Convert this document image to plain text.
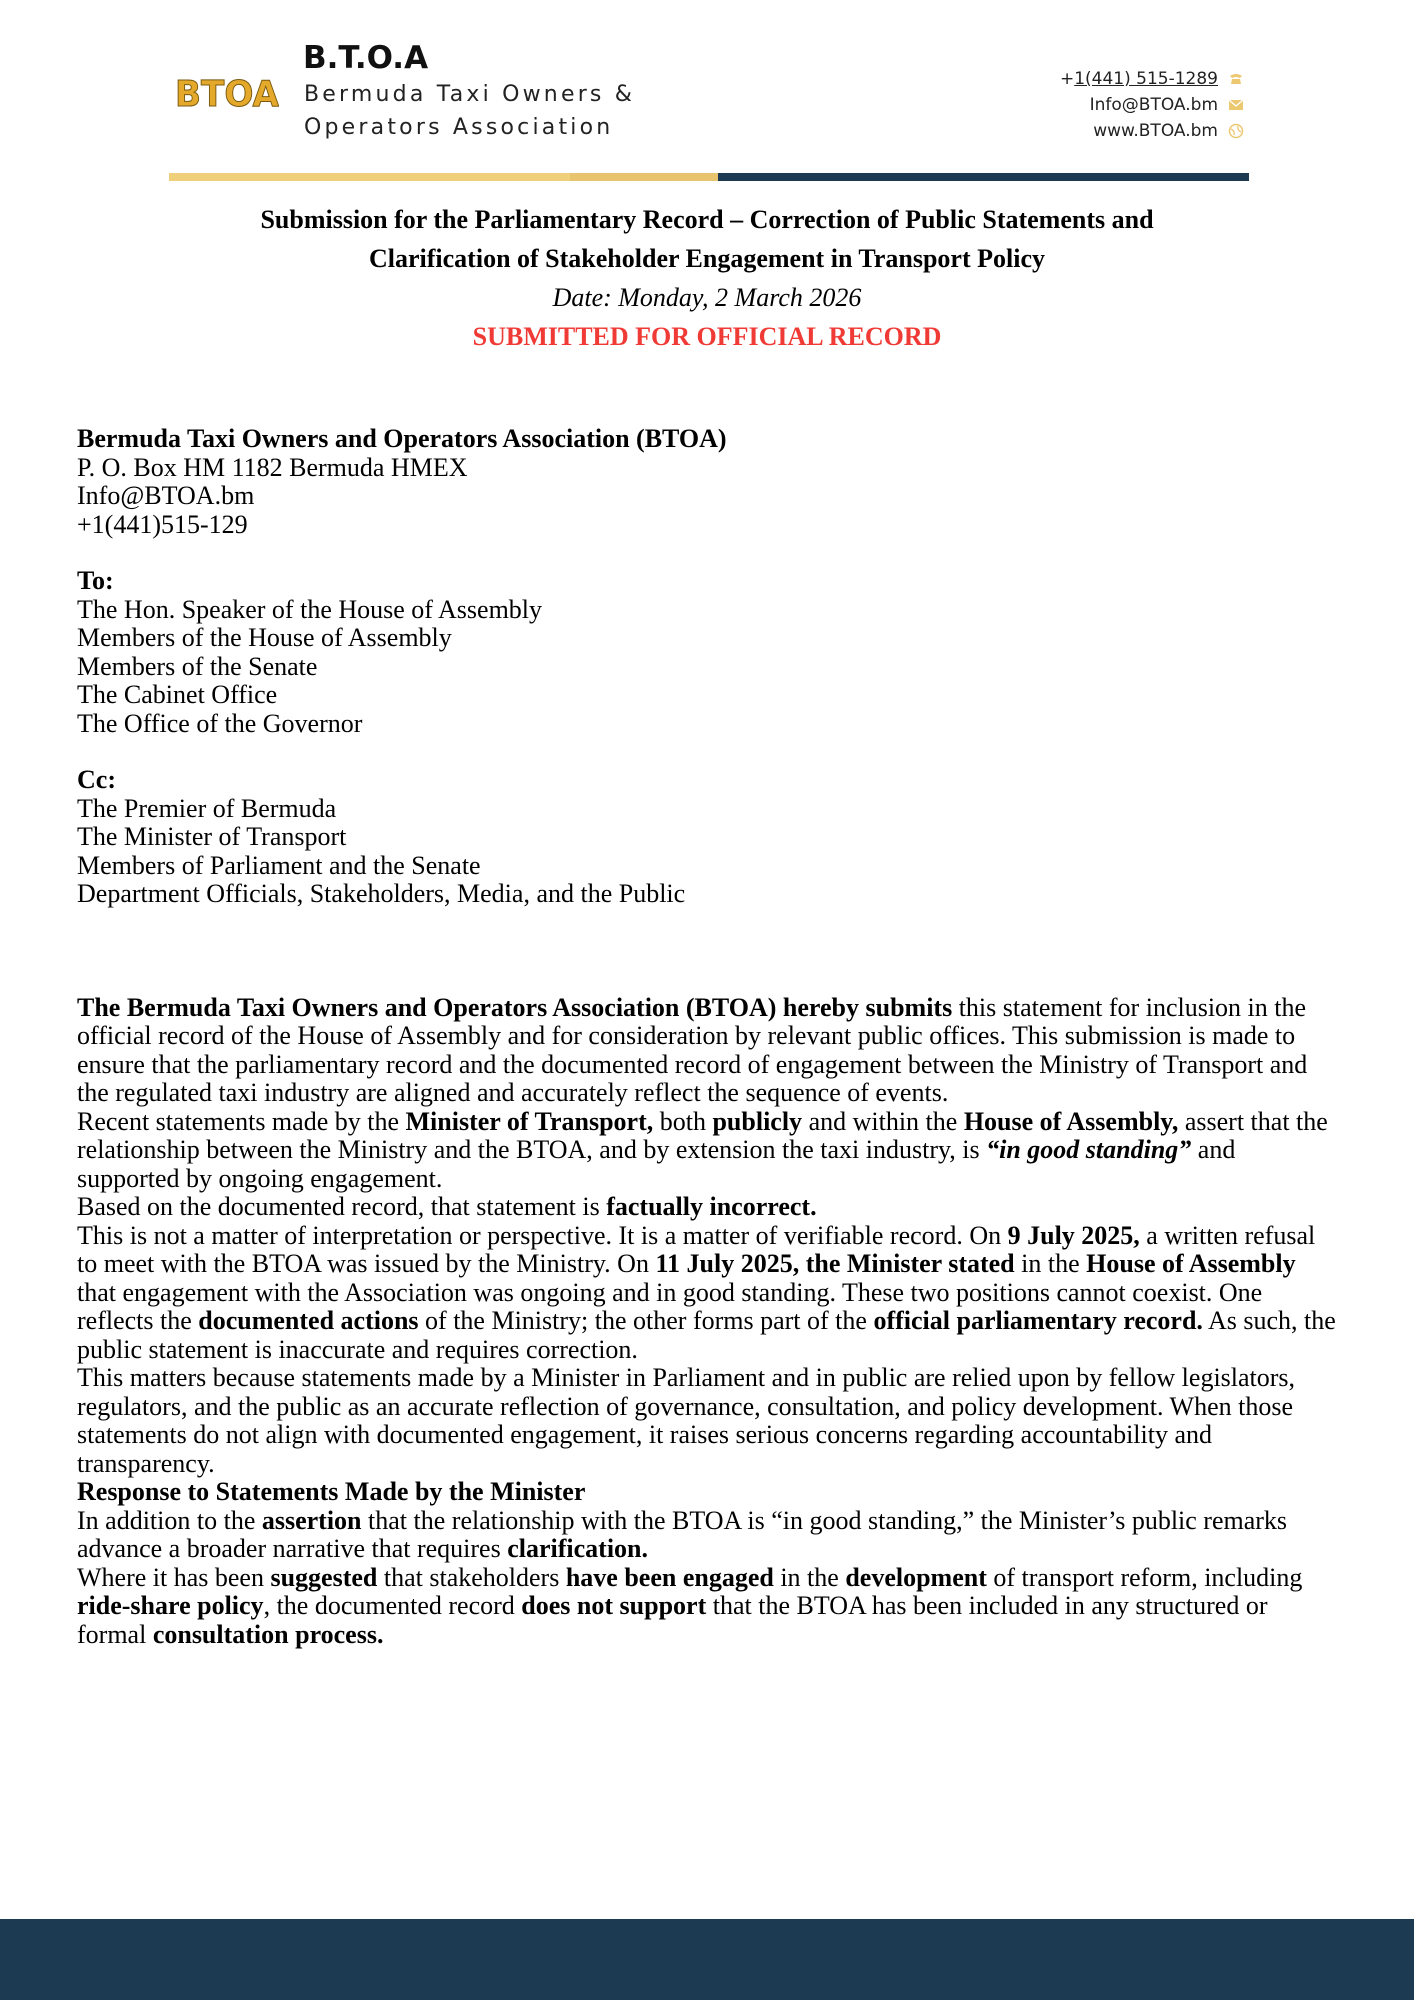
BTOA
B.T.O.A
Bermuda Taxi Owners & Operators Association
+1(441) 515-1289
Info@BTOA.bm
www.BTOA.bm
Submission for the Parliamentary Record – Correction of Public Statements and
Clarification of Stakeholder Engagement in Transport Policy
Date: Monday, 2 March 2026
SUBMITTED FOR OFFICIAL RECORD
Bermuda Taxi Owners and Operators Association (BTOA)
P. O. Box HM 1182 Bermuda HMEX
Info@BTOA.bm
+1(441)515-129
To:
The Hon. Speaker of the House of Assembly
Members of the House of Assembly
Members of the Senate
The Cabinet Office
The Office of the Governor
Cc:
The Premier of Bermuda
The Minister of Transport
Members of Parliament and the Senate
Department Officials, Stakeholders, Media, and the Public

The Bermuda Taxi Owners and Operators Association (BTOA) hereby submits this statement for inclusion in the official record of the House of Assembly and for consideration by relevant public offices. This submission is made to ensure that the parliamentary record and the documented record of engagement between the Ministry of Transport and the regulated taxi industry are aligned and accurately reflect the sequence of events.

Recent statements made by the Minister of Transport, both publicly and within the House of Assembly, assert that the relationship between the Ministry and the BTOA, and by extension the taxi industry, is “in good standing” and supported by ongoing engagement.

Based on the documented record, that statement is factually incorrect.

This is not a matter of interpretation or perspective. It is a matter of verifiable record. On 9 July 2025, a written refusal to meet with the BTOA was issued by the Ministry. On 11 July 2025, the Minister stated in the House of Assembly that engagement with the Association was ongoing and in good standing. These two positions cannot coexist. One reflects the documented actions of the Ministry; the other forms part of the official parliamentary record. As such, the public statement is inaccurate and requires correction.

This matters because statements made by a Minister in Parliament and in public are relied upon by fellow legislators, regulators, and the public as an accurate reflection of governance, consultation, and policy development. When those statements do not align with documented engagement, it raises serious concerns regarding accountability and transparency.

Response to Statements Made by the Minister

In addition to the assertion that the relationship with the BTOA is “in good standing,” the Minister’s public remarks advance a broader narrative that requires clarification.

Where it has been suggested that stakeholders have been engaged in the development of transport reform, including ride-share policy, the documented record does not support that the BTOA has been included in any structured or formal consultation process.
